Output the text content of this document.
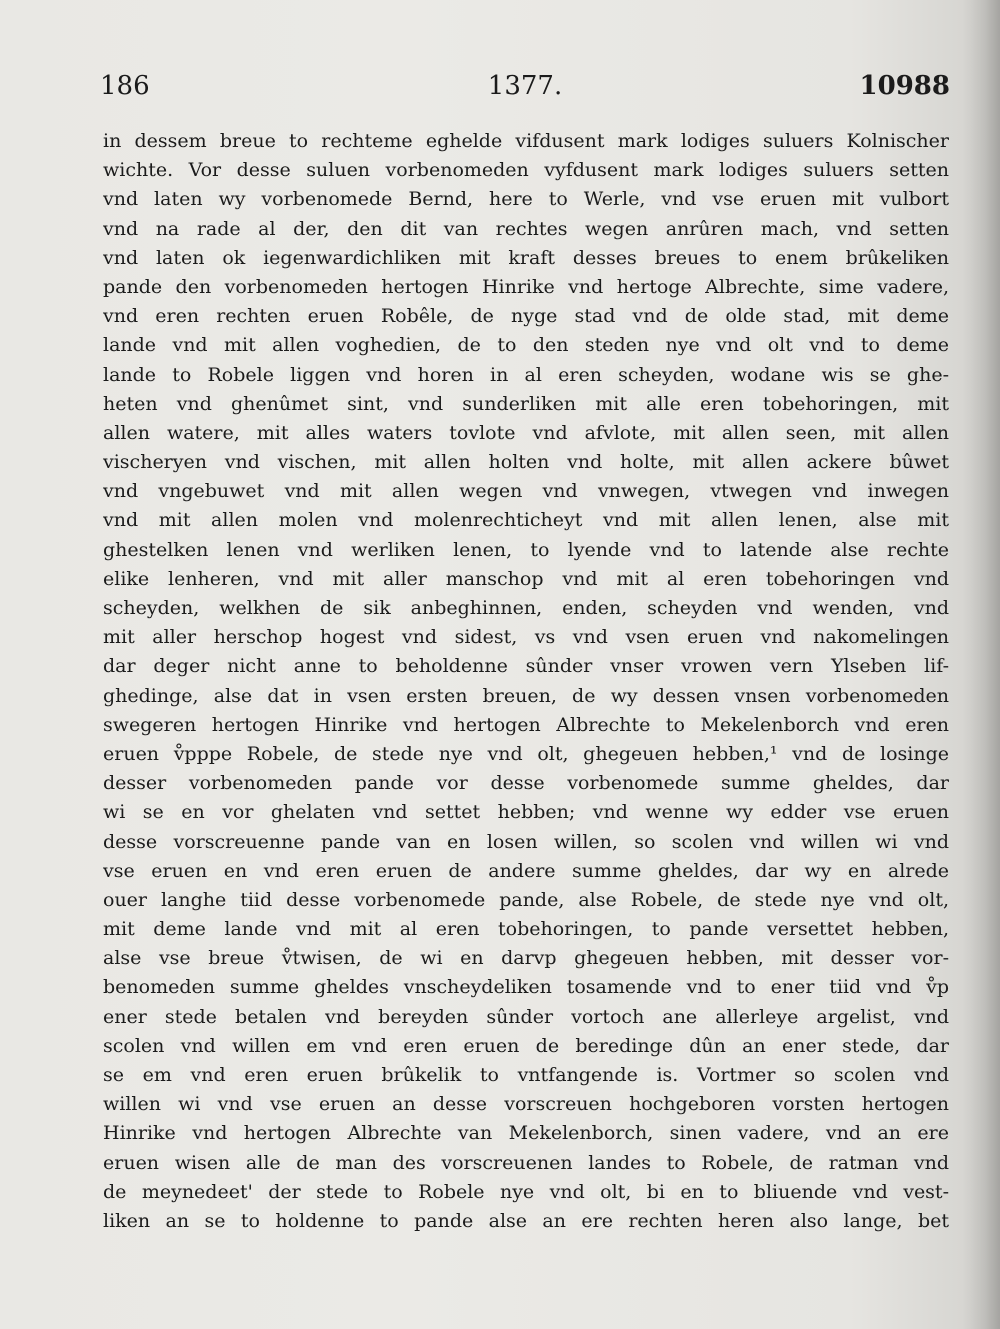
186	1377.	10988
in dessem breue to rechteme eghelde vifdusent mark lodiges suluers Kolnischer
wichte. Vor desse suluen vorbenomeden vyfdusent mark lodiges suluers setten
vnd laten wy vorbenomede Bernd, here to Werle, vnd vse eruen mit vulbort
vnd na rade al der, den dit van rechtes wegen anrûren mach, vnd setten
vnd laten ok iegenwardichliken mit kraft desses breues to enem brûkeliken
pande den vorbenomeden hertogen Hinrike vnd hertoge Albrechte, sime vadere,
vnd eren rechten eruen Robêle, de nyge stad vnd de olde stad, mit deme
lande vnd mit allen voghedien, de to den steden nye vnd olt vnd to deme
lande to Robele liggen vnd horen in al eren scheyden, wodane wis se ghe-
heten vnd ghenûmet sint, vnd sunderliken mit alle eren tobehoringen, mit
allen watere, mit alles waters tovlote vnd afvlote, mit allen seen, mit allen
vischeryen vnd vischen, mit allen holten vnd holte, mit allen ackere bûwet
vnd vngebuwet vnd mit allen wegen vnd vnwegen, vtwegen vnd inwegen
vnd mit allen molen vnd molenrechticheyt vnd mit allen lenen, alse mit
ghestelken lenen vnd werliken lenen, to lyende vnd to latende alse rechte
elike lenheren, vnd mit aller manschop vnd mit al eren tobehoringen vnd
scheyden, welkhen de sik anbeghinnen, enden, scheyden vnd wenden, vnd
mit aller herschop hogest vnd sidest, vs vnd vsen eruen vnd nakomelingen
dar deger nicht anne to beholdenne sûnder vnser vrowen vern Ylseben lif-
ghedinge, alse dat in vsen ersten breuen, de wy dessen vnsen vorbenomeden
swegeren hertogen Hinrike vnd hertogen Albrechte to Mekelenborch vnd eren
eruen v̊pppe Robele, de stede nye vnd olt, ghegeuen hebben,¹ vnd de losinge
desser vorbenomeden pande vor desse vorbenomede summe gheldes, dar
wi se en vor ghelaten vnd settet hebben; vnd wenne wy edder vse eruen
desse vorscreuenne pande van en losen willen, so scolen vnd willen wi vnd
vse eruen en vnd eren eruen de andere summe gheldes, dar wy en alrede
ouer langhe tiid desse vorbenomede pande, alse Robele, de stede nye vnd olt,
mit deme lande vnd mit al eren tobehoringen, to pande versettet hebben,
alse vse breue v̊twisen, de wi en darvp ghegeuen hebben, mit desser vor-
benomeden summe gheldes vnscheydeliken tosamende vnd to ener tiid vnd v̊p
ener stede betalen vnd bereyden sûnder vortoch ane allerleye argelist, vnd
scolen vnd willen em vnd eren eruen de beredinge dûn an ener stede, dar
se em vnd eren eruen brûkelik to vntfangende is. Vortmer so scolen vnd
willen wi vnd vse eruen an desse vorscreuen hochgeboren vorsten hertogen
Hinrike vnd hertogen Albrechte van Mekelenborch, sinen vadere, vnd an ere
eruen wisen alle de man des vorscreuenen landes to Robele, de ratman vnd
de meynedeet' der stede to Robele nye vnd olt, bi en to bliuende vnd vest-
liken an se to holdenne to pande alse an ere rechten heren also lange, bet
